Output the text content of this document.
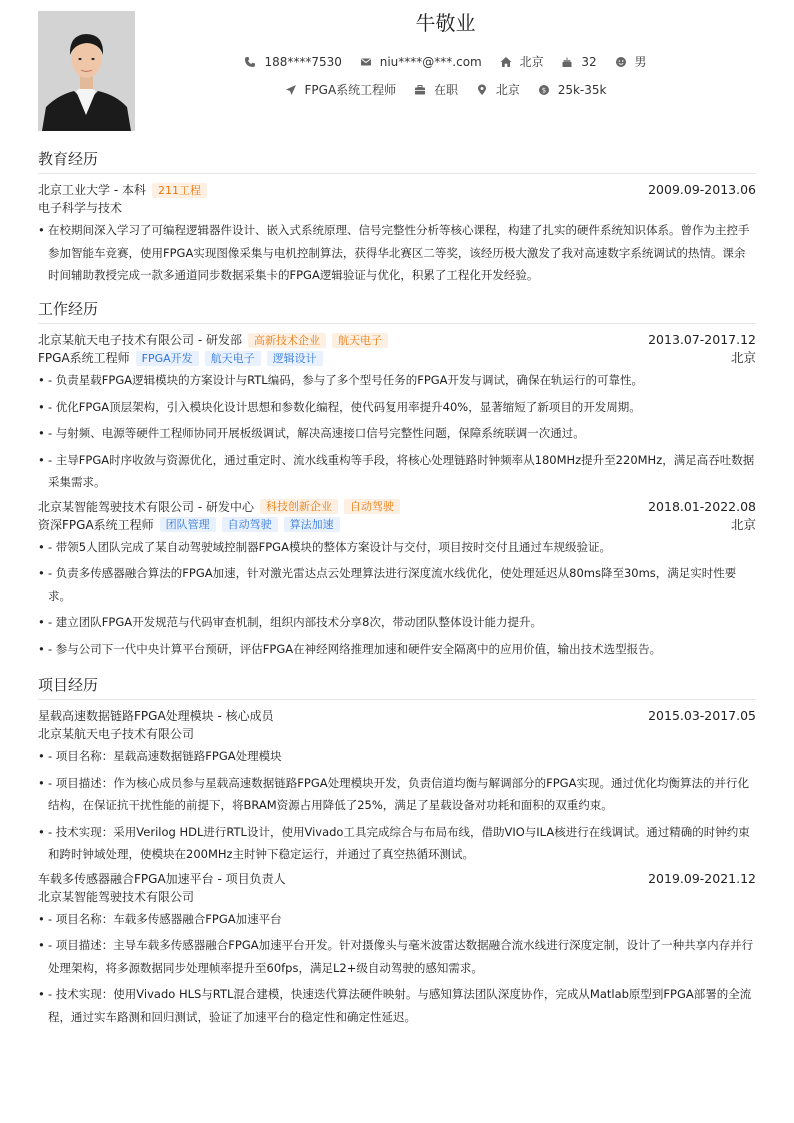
牛敬业
188****7530
	niu****@***.com
	北京
	32
	男
FPGA系统工程师
	在职
	北京
	$ 25k-35k
教育经历
北京工业大学 - 本科	211工程	2009.09-2013.06
电子科学与技术
• 在校期间深入学习了可编程逻辑器件设计、嵌入式系统原理、信号完整性分析等核心课程，构建了扎实的硬件系统知识体系。曾作为主控手参加智能车竞赛，使用FPGA实现图像采集与电机控制算法，获得华北赛区二等奖，该经历极大激发了我对高速数字系统调试的热情。课余时间辅助教授完成一款多通道同步数据采集卡的FPGA逻辑验证与优化，积累了工程化开发经验。
工作经历
北京某航天电子技术有限公司 - 研发部	高新技术企业	航天电子	2013.07-2017.12
FPGA系统工程师	FPGA开发	航天电子	逻辑设计	北京
• - 负责星载FPGA逻辑模块的方案设计与RTL编码，参与了多个型号任务的FPGA开发与调试，确保在轨运行的可靠性。
• - 优化FPGA顶层架构，引入模块化设计思想和参数化编程，使代码复用率提升40%，显著缩短了新项目的开发周期。
• - 与射频、电源等硬件工程师协同开展板级调试，解决高速接口信号完整性问题，保障系统联调一次通过。
• - 主导FPGA时序收敛与资源优化，通过重定时、流水线重构等手段，将核心处理链路时钟频率从180MHz提升至220MHz，满足高吞吐数据采集需求。
北京某智能驾驶技术有限公司 - 研发中心	科技创新企业	自动驾驶	2018.01-2022.08
资深FPGA系统工程师	团队管理	自动驾驶	算法加速	北京
• - 带领5人团队完成了某自动驾驶域控制器FPGA模块的整体方案设计与交付，项目按时交付且通过车规级验证。
• - 负责多传感器融合算法的FPGA加速，针对激光雷达点云处理算法进行深度流水线优化，使处理延迟从80ms降至30ms，满足实时性要求。
• - 建立团队FPGA开发规范与代码审查机制，组织内部技术分享8次，带动团队整体设计能力提升。
• - 参与公司下一代中央计算平台预研，评估FPGA在神经网络推理加速和硬件安全隔离中的应用价值，输出技术选型报告。
项目经历
星载高速数据链路FPGA处理模块 - 核心成员	2015.03-2017.05
北京某航天电子技术有限公司
• - 项目名称：星载高速数据链路FPGA处理模块
• - 项目描述：作为核心成员参与星载高速数据链路FPGA处理模块开发，负责信道均衡与解调部分的FPGA实现。通过优化均衡算法的并行化结构，在保证抗干扰性能的前提下，将BRAM资源占用降低了25%，满足了星载设备对功耗和面积的双重约束。
• - 技术实现：采用Verilog HDL进行RTL设计，使用Vivado工具完成综合与布局布线，借助VIO与ILA核进行在线调试。通过精确的时钟约束和跨时钟域处理，使模块在200MHz主时钟下稳定运行，并通过了真空热循环测试。
车载多传感器融合FPGA加速平台 - 项目负责人	2019.09-2021.12
北京某智能驾驶技术有限公司
• - 项目名称：车载多传感器融合FPGA加速平台
• - 项目描述：主导车载多传感器融合FPGA加速平台开发。针对摄像头与毫米波雷达数据融合流水线进行深度定制，设计了一种共享内存并行处理架构，将多源数据同步处理帧率提升至60fps，满足L2+级自动驾驶的感知需求。
• - 技术实现：使用Vivado HLS与RTL混合建模，快速迭代算法硬件映射。与感知算法团队深度协作，完成从Matlab原型到FPGA部署的全流程，通过实车路测和回归测试，验证了加速平台的稳定性和确定性延迟。
